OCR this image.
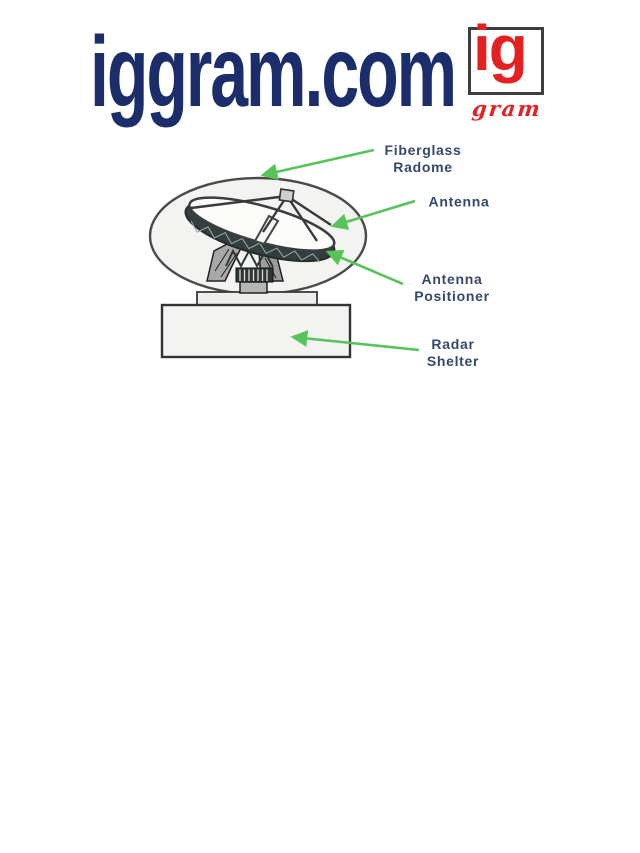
iggram.com ig
gram
Fiberglass
Radome
Antenna
Antenna
Positioner
Radar
Shelter
